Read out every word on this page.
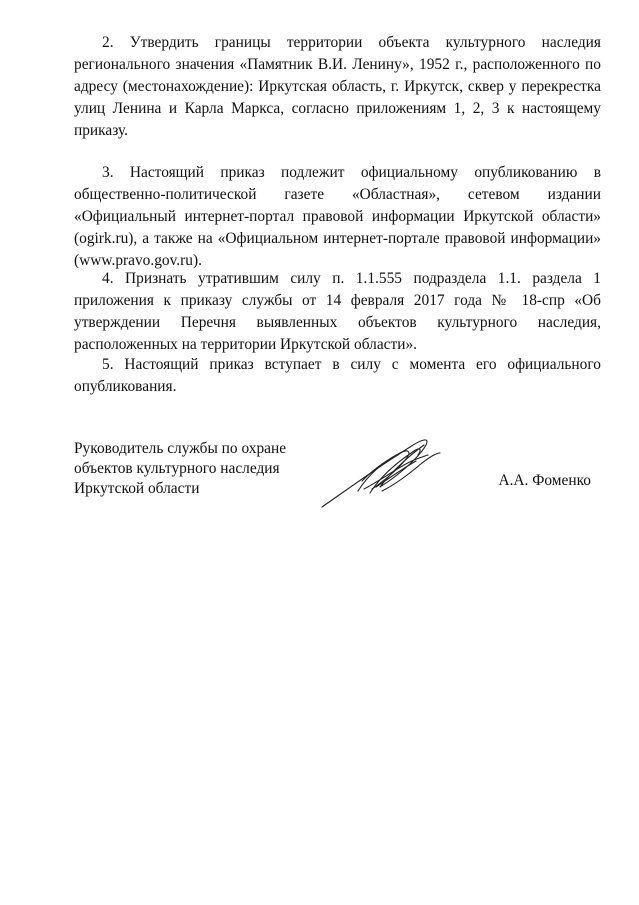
2. Утвердить границы территории объекта культурного наследия регионального значения «Памятник В.И. Ленину», 1952 г., расположенного по адресу (местонахождение): Иркутская область, г. Иркутск, сквер у перекрестка улиц Ленина и Карла Маркса, согласно приложениям 1, 2, 3 к настоящему приказу.

3. Настоящий приказ подлежит официальному опубликованию в общественно-политической газете «Областная», сетевом издании «Официальный интернет-портал правовой информации Иркутской области» (ogirk.ru), а также на «Официальном интернет-портале правовой информации» (www.pravo.gov.ru).

4. Признать утратившим силу п. 1.1.555 подраздела 1.1. раздела 1 приложения к приказу службы от 14 февраля 2017 года № 18-спр «Об утверждении Перечня выявленных объектов культурного наследия, расположенных на территории Иркутской области».

5. Настоящий приказ вступает в силу с момента его официального опубликования.

Руководитель службы по охране
объектов культурного наследия
Иркутской области	А.А. Фоменко
